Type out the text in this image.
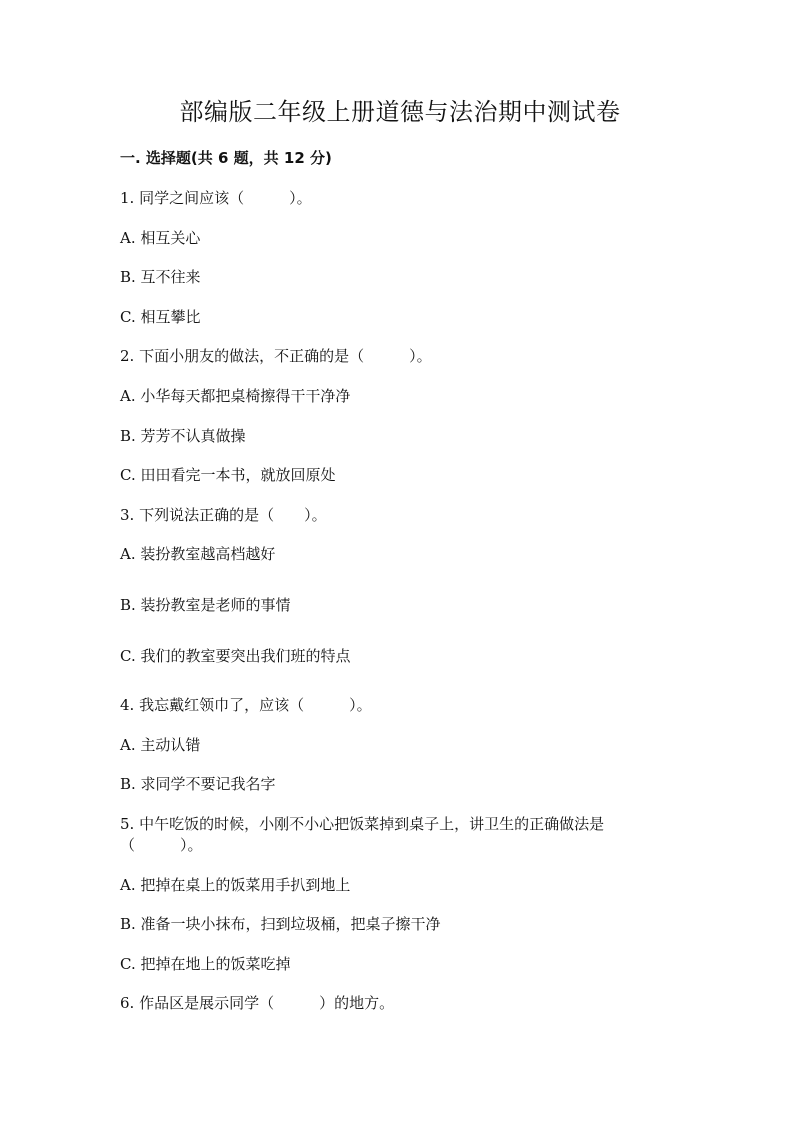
部编版二年级上册道德与法治期中测试卷
一. 选择题(共 6 题，共 12 分)
1. 同学之间应该（　　　）。
A. 相互关心
B. 互不往来
C. 相互攀比
2. 下面小朋友的做法，不正确的是（　　　）。
A. 小华每天都把桌椅擦得干干净净
B. 芳芳不认真做操
C. 田田看完一本书，就放回原处
3. 下列说法正确的是（　　）。
A. 装扮教室越高档越好
B. 装扮教室是老师的事情
C. 我们的教室要突出我们班的特点
4. 我忘戴红领巾了，应该（　　　）。
A. 主动认错
B. 求同学不要记我名字
5. 中午吃饭的时候，小刚不小心把饭菜掉到桌子上，讲卫生的正确做法是
（　　　）。
A. 把掉在桌上的饭菜用手扒到地上
B. 准备一块小抹布，扫到垃圾桶，把桌子擦干净
C. 把掉在地上的饭菜吃掉
6. 作品区是展示同学（　　　）的地方。
